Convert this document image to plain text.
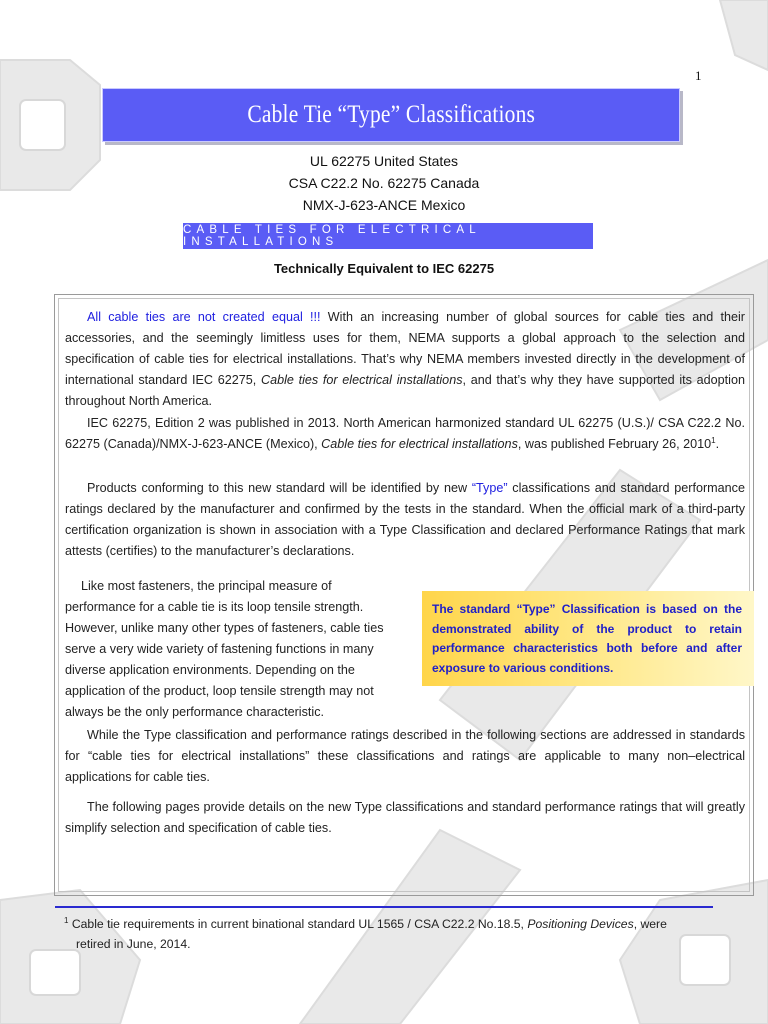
1
Cable Tie “Type” Classifications
UL 62275 United States
CSA C22.2 No. 62275 Canada
NMX-J-623-ANCE Mexico
CABLE TIES FOR ELECTRICAL INSTALLATIONS
Technically Equivalent to IEC 62275

All cable ties are not created equal !!! With an increasing number of global sources for cable ties and their accessories, and the seemingly limitless uses for them, NEMA supports a global approach to the selection and specification of cable ties for electrical installations. That’s why NEMA members invested directly in the development of international standard IEC 62275, Cable ties for electrical installations, and that’s why they have supported its adoption throughout North America.

IEC 62275, Edition 2 was published in 2013. North American harmonized standard UL 62275 (U.S.)/ CSA C22.2 No. 62275 (Canada)/NMX-J-623-ANCE (Mexico), Cable ties for electrical installations, was published February 26, 2010$^1$.

Products conforming to this new standard will be identified by new “Type” classifications and standard performance ratings declared by the manufacturer and confirmed by the tests in the standard. When the official mark of a third-party certification organization is shown in association with a Type Classification and declared Performance Ratings that mark attests (certifies) to the manufacturer’s declarations.

Like most fasteners, the principal measure of performance for a cable tie is its loop tensile strength. However, unlike many other types of fasteners, cable ties serve a very wide variety of fastening functions in many diverse application environments. Depending on the application of the product, loop tensile strength may not always be the only performance characteristic.

The standard “Type” Classification is based on the demonstrated ability of the product to retain performance characteristics both before and after exposure to various conditions.

While the Type classification and performance ratings described in the following sections are addressed in standards for “cable ties for electrical installations” these classifications and ratings are applicable to many non–electrical applications for cable ties.

The following pages provide details on the new Type classifications and standard performance ratings that will greatly simplify selection and specification of cable ties.

$^1$ Cable tie requirements in current binational standard UL 1565 / CSA C22.2 No.18.5, Positioning Devices, were
retired in June, 2014.
